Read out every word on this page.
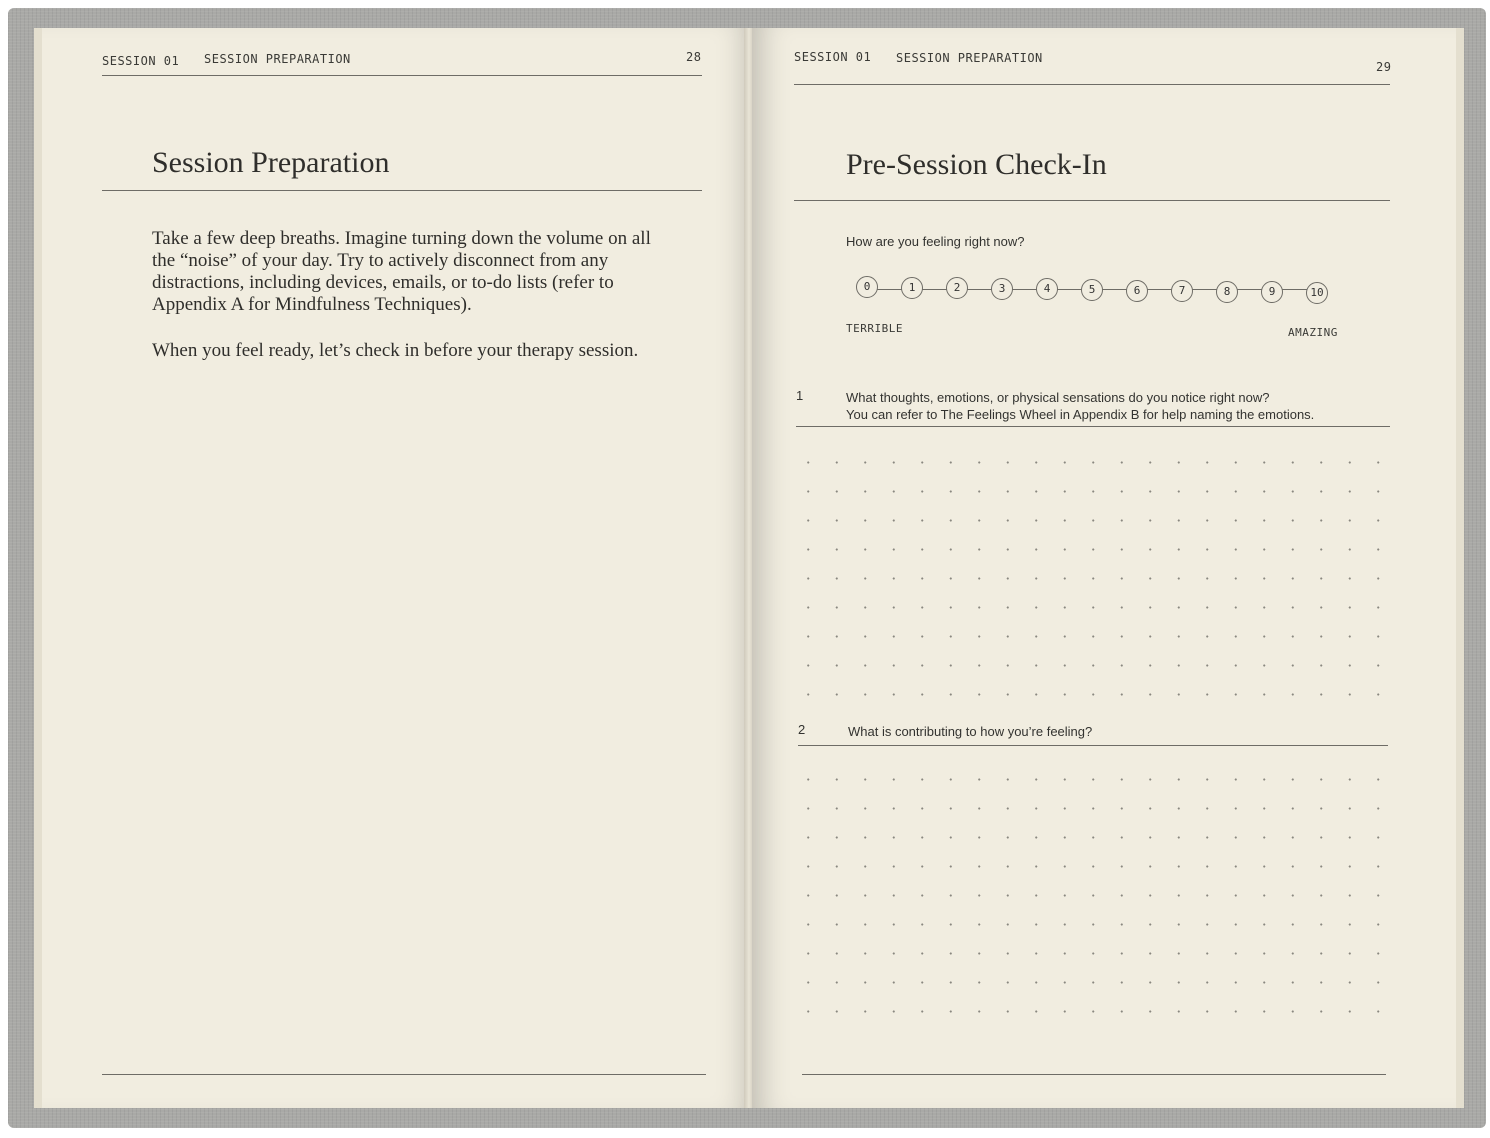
SESSION 01 SESSION PREPARATION	28
Session Preparation
Take a few deep breaths. Imagine turning down the volume on all the “noise” of your day. Try to actively disconnect from any distractions, including devices, emails, or to-do lists (refer to Appendix A for Mindfulness Techniques).
When you feel ready, let’s check in before your therapy session.
SESSION 01 SESSION PREPARATION
29
Pre-Session Check-In
How are you feeling right now?
0	1	2	3	4	5	6	7	8	9	10
TERRIBLE	AMAZING
1	What thoughts, emotions, or physical sensations do you notice right now?
You can refer to The Feelings Wheel in Appendix B for help naming the emotions.
2	What is contributing to how you’re feeling?
